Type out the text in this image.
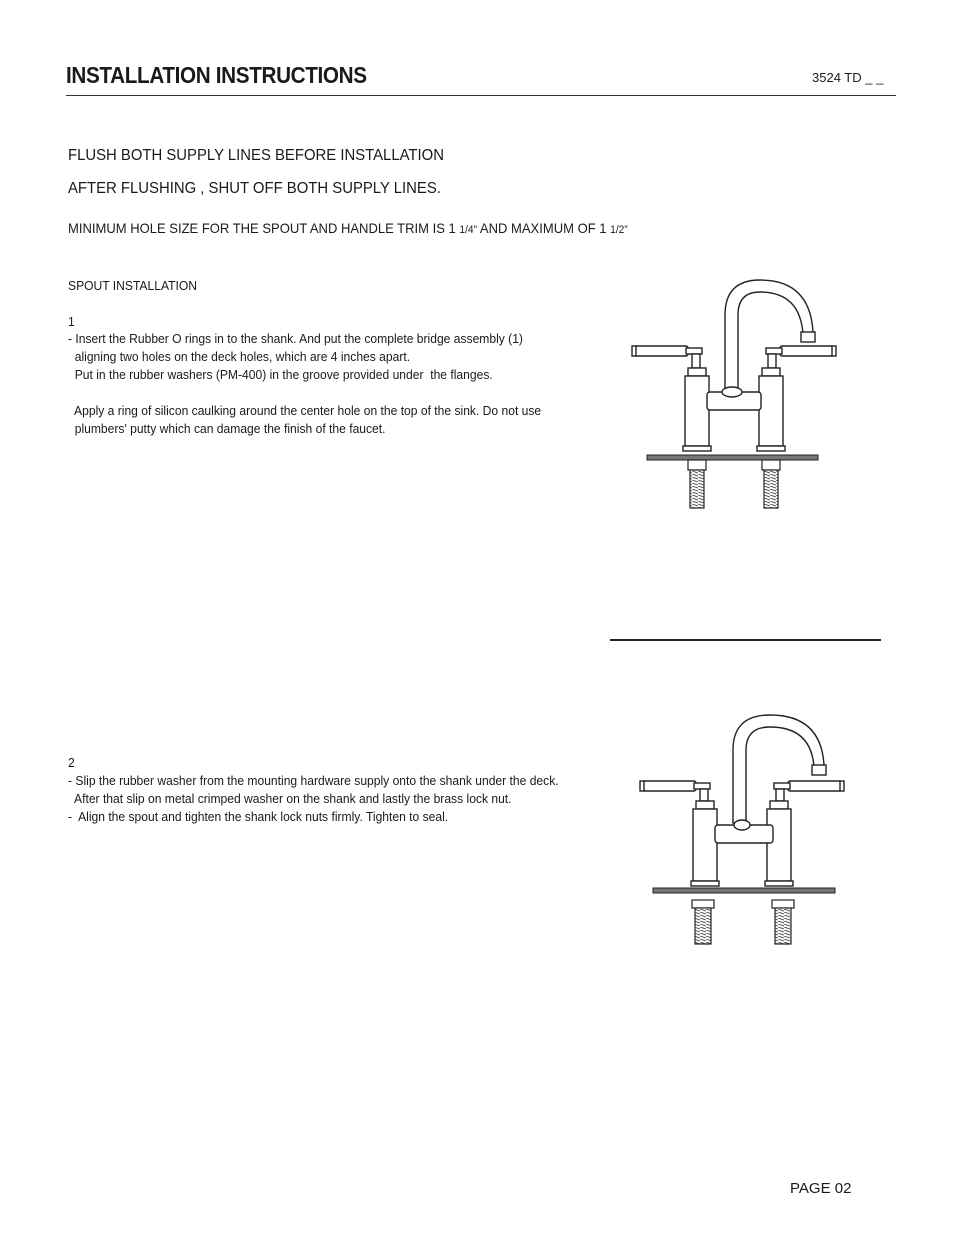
INSTALLATION INSTRUCTIONS	3524 TD _ _
FLUSH BOTH SUPPLY LINES BEFORE INSTALLATION
AFTER FLUSHING , SHUT OFF BOTH SUPPLY LINES.
MINIMUM HOLE SIZE FOR THE SPOUT AND HANDLE TRIM IS 1 1/4” AND MAXIMUM OF 1 1/2”
SPOUT INSTALLATION
1
- Insert the Rubber O rings in to the shank. And put the complete bridge assembly (1)
aligning two holes on the deck holes, which are 4 inches apart.
Put in the rubber washers (PM-400) in the groove provided under  the flanges.

Apply a ring of silicon caulking around the center hole on the top of the sink. Do not use
plumbers' putty which can damage the finish of the faucet.
2
- Slip the rubber washer from the mounting hardware supply onto the shank under the deck.
After that slip on metal crimped washer on the shank and lastly the brass lock nut.
-  Align the spout and tighten the shank lock nuts firmly. Tighten to seal.
PAGE 02
